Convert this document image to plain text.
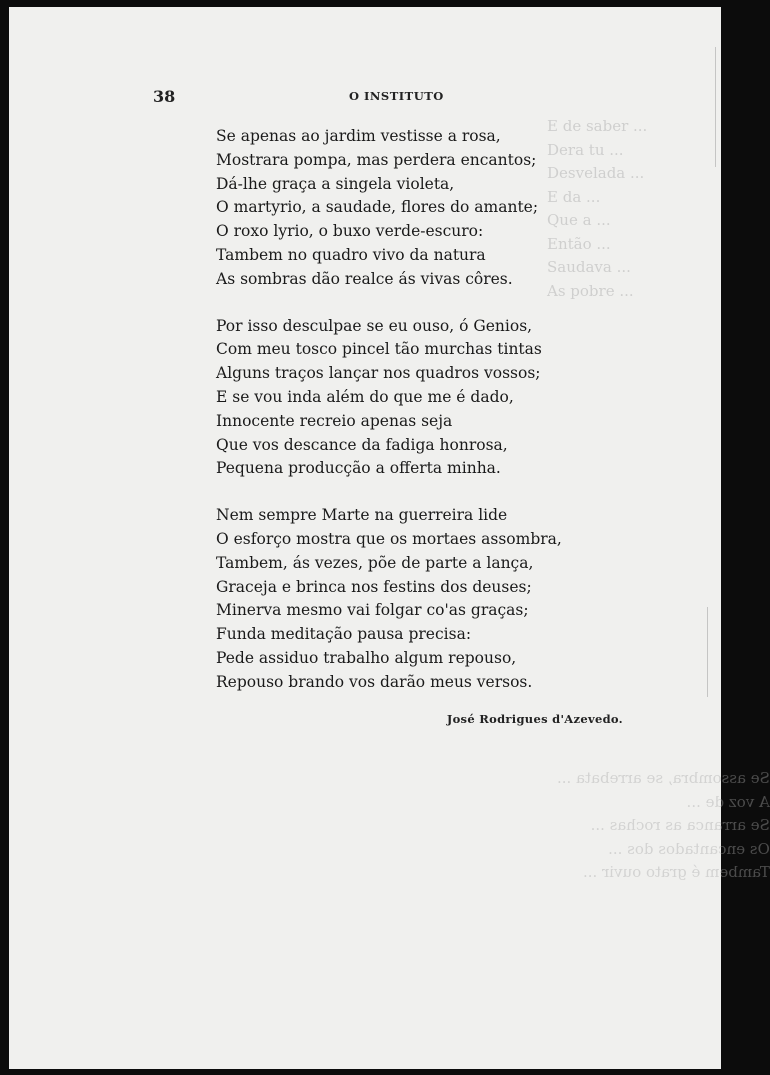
E de saber ...
Dera tu ...
Desvelada ...
E da ...
Que a ...
Então ...
Saudava ...
As pobre ...
Se assombra, se arrebata ...
A voz de ...
Se arranca as rochas ...
Os encantados dos ...
Tambem é grato ouvir ...
38	O INSTITUTO
Se apenas ao jardim vestisse a rosa,
Mostrara pompa, mas perdera encantos;
Dá-lhe graça a singela violeta,
O martyrio, a saudade, flores do amante;
O roxo lyrio, o buxo verde-escuro:
Tambem no quadro vivo da natura
As sombras dão realce ás vivas côres.
Por isso desculpae se eu ouso, ó Genios,
Com meu tosco pincel tão murchas tintas
Alguns traços lançar nos quadros vossos;
E se vou inda além do que me é dado,
Innocente recreio apenas seja
Que vos descance da fadiga honrosa,
Pequena producção a offerta minha.
Nem sempre Marte na guerreira lide
O esforço mostra que os mortaes assombra,
Tambem, ás vezes, põe de parte a lança,
Graceja e brinca nos festins dos deuses;
Minerva mesmo vai folgar co'as graças;
Funda meditação pausa precisa:
Pede assiduo trabalho algum repouso,
Repouso brando vos darão meus versos.
José Rodrigues d'Azevedo.
